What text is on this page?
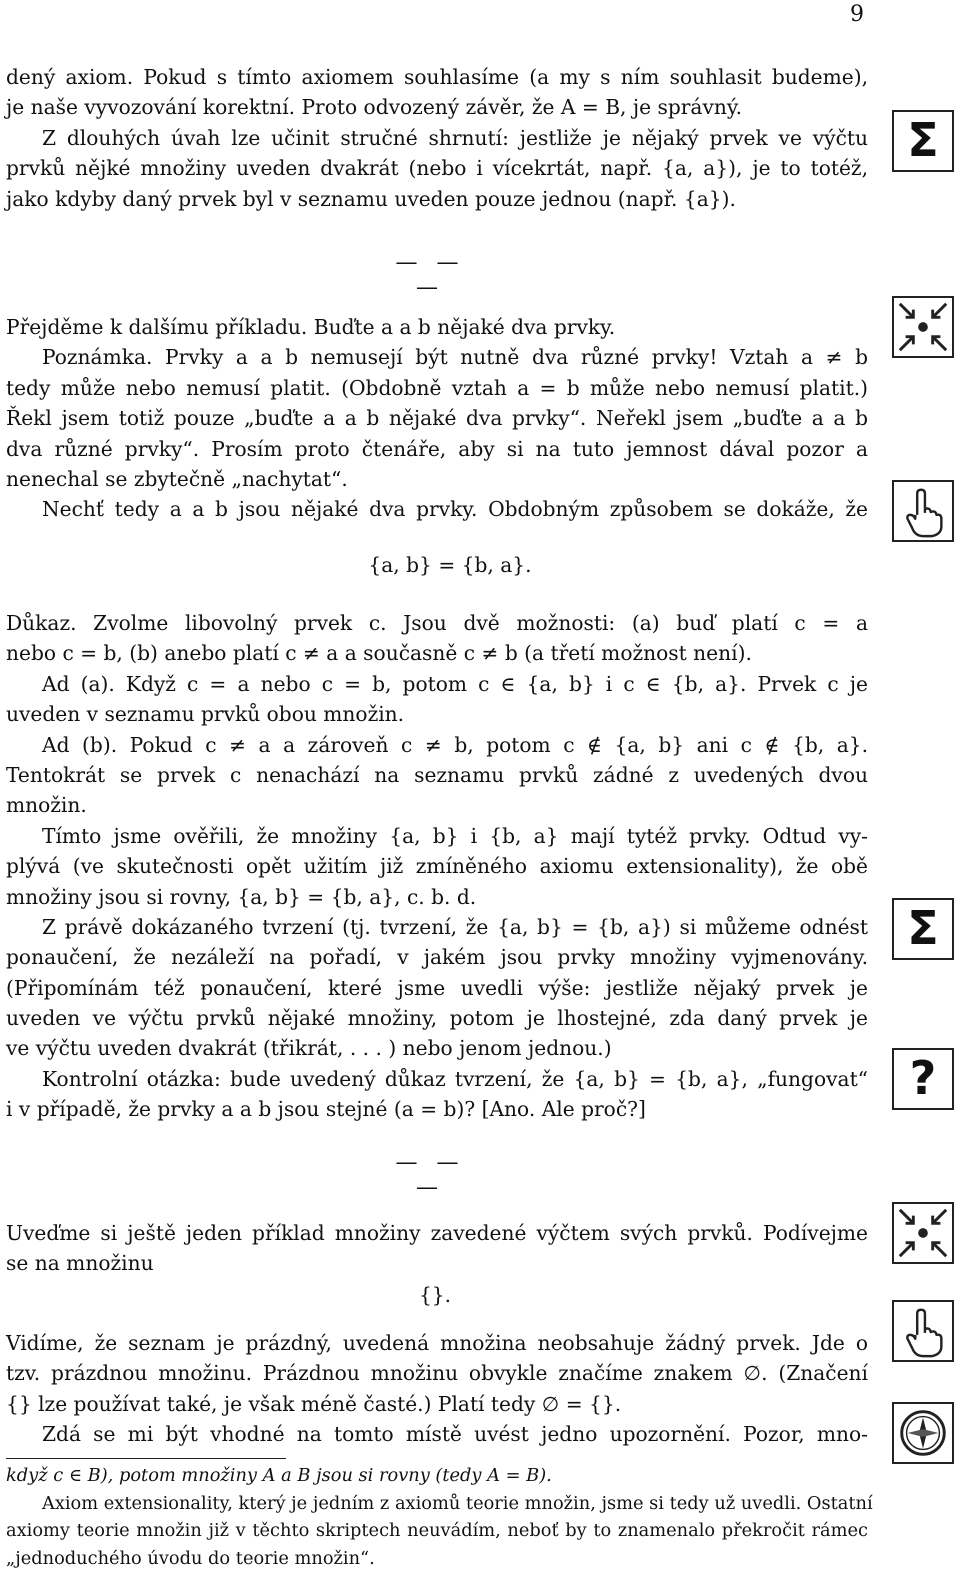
9
dený axiom. Pokud s tímto axiomem souhlasíme (a my s ním souhlasit budeme),
je naše vyvozování korektní. Proto odvozený závěr, že A = B, je správný.
Z dlouhých úvah lze učinit stručné shrnutí: jestliže je nějaký prvek ve výčtu
prvků nějké množiny uveden dvakrát (nebo i vícekrtát, např. {a, a}), je to totéž,
jako kdyby daný prvek byl v seznamu uveden pouze jednou (např. {a}).
— — —
Přejděme k dalšímu příkladu. Buďte a a b nějaké dva prvky.
Poznámka. Prvky a a b nemusejí být nutně dva různé prvky! Vztah a ≠ b
tedy může nebo nemusí platit. (Obdobně vztah a = b může nebo nemusí platit.)
Řekl jsem totiž pouze „buďte a a b nějaké dva prvky“. Neřekl jsem „buďte a a b
dva různé prvky“. Prosím proto čtenáře, aby si na tuto jemnost dával pozor a
nenechal se zbytečně „nachytat“.
Nechť tedy a a b jsou nějaké dva prvky. Obdobným způsobem se dokáže, že
{a, b} = {b, a}.
Důkaz. Zvolme libovolný prvek c. Jsou dvě možnosti: (a) buď platí c = a
nebo c = b, (b) anebo platí c ≠ a a současně c ≠ b (a třetí možnost není).
Ad (a). Když c = a nebo c = b, potom c ∈ {a, b} i c ∈ {b, a}. Prvek c je
uveden v seznamu prvků obou množin.
Ad (b). Pokud c ≠ a a zároveň c ≠ b, potom c ∉ {a, b} ani c ∉ {b, a}.
Tentokrát se prvek c nenachází na seznamu prvků zádné z uvedených dvou
množin.
Tímto jsme ověřili, že množiny {a, b} i {b, a} mají tytéž prvky. Odtud vy-
plývá (ve skutečnosti opět užitím již zmíněného axiomu extensionality), že obě
množiny jsou si rovny, {a, b} = {b, a}, c. b. d.
Z právě dokázaného tvrzení (tj. tvrzení, že {a, b} = {b, a}) si můžeme odnést
ponaučení, že nezáleží na pořadí, v jakém jsou prvky množiny vyjmenovány.
(Připomínám též ponaučení, které jsme uvedli výše: jestliže nějaký prvek je
uveden ve výčtu prvků nějaké množiny, potom je lhostejné, zda daný prvek je
ve výčtu uveden dvakrát (třikrát, . . . ) nebo jenom jednou.)
Kontrolní otázka: bude uvedený důkaz tvrzení, že {a, b} = {b, a}, „fungovat“
i v případě, že prvky a a b jsou stejné (a = b)? [Ano. Ale proč?]
— — —
Uveďme si ještě jeden příklad množiny zavedené výčtem svých prvků. Podívejme
se na množinu
{}.
Vidíme, že seznam je prázdný, uvedená množina neobsahuje žádný prvek. Jde o
tzv. prázdnou množinu. Prázdnou množinu obvykle značíme znakem ∅. (Značení
{} lze používat také, je však méně časté.) Platí tedy ∅ = {}.
Zdá se mi být vhodné na tomto místě uvést jedno upozornění. Pozor, mno-
když c ∈ B), potom množiny A a B jsou si rovny (tedy A = B).
Axiom extensionality, který je jedním z axiomů teorie množin, jsme si tedy už uvedli. Ostatní
axiomy teorie množin již v těchto skriptech neuvádím, neboť by to znamenalo překročit rámec
„jednoduchého úvodu do teorie množin“.
Σ
Σ
?
